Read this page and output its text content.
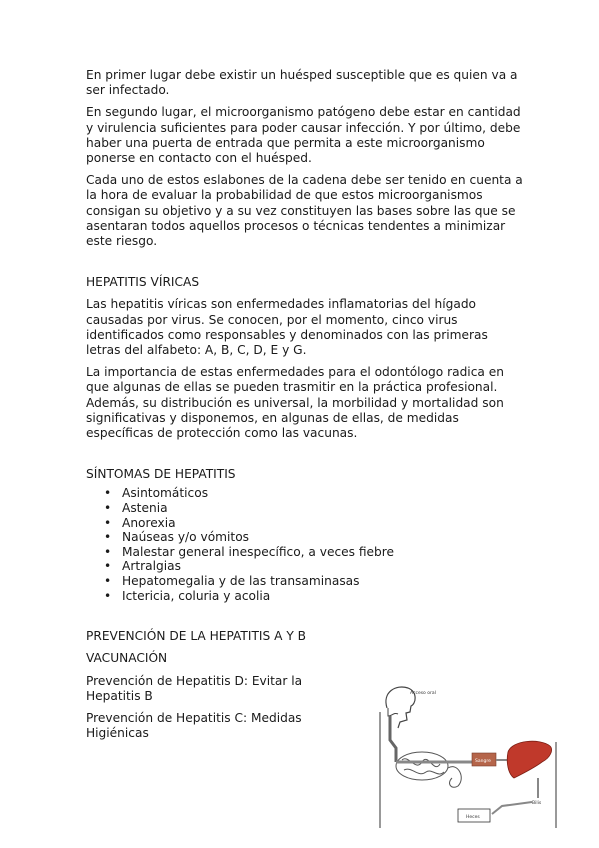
En primer lugar debe existir un huésped susceptible que es quien va a ser infectado.

En segundo lugar, el microorganismo patógeno debe estar en cantidad y virulencia suficientes para poder causar infección. Y por último, debe haber una puerta de entrada que permita a este microorganismo ponerse en contacto con el huésped.

Cada uno de estos eslabones de la cadena debe ser tenido en cuenta a la hora de evaluar la probabilidad de que estos microorganismos consigan su objetivo y a su vez constituyen las bases sobre las que se asentaran todos aquellos procesos o técnicas tendentes a minimizar este riesgo.

HEPATITIS VÍRICAS

Las hepatitis víricas son enfermedades inflamatorias del hígado causadas por virus. Se conocen, por el momento, cinco virus identificados como responsables y denominados con las primeras letras del alfabeto: A, B, C, D, E y G.

La importancia de estas enfermedades para el odontólogo radica en que algunas de ellas se pueden trasmitir en la práctica profesional. Además, su distribución es universal, la morbilidad y mortalidad son significativas y disponemos, en algunas de ellas, de medidas específicas de protección como las vacunas.

SÍNTOMAS DE HEPATITIS
• Asintomáticos
• Astenia
• Anorexia
• Naúseas y/o vómitos
• Malestar general inespecífico, a veces fiebre
• Artralgias
• Hepatomegalia y de las transaminasas
• Ictericia, coluria y acolia
PREVENCIÓN DE LA HEPATITIS A Y B
VACUNACIÓN

Prevención de Hepatitis D: Evitar la Hepatitis B

Prevención de Hepatitis C: Medidas Higiénicas

Acceso oral
Sangre
Bilis
Heces
